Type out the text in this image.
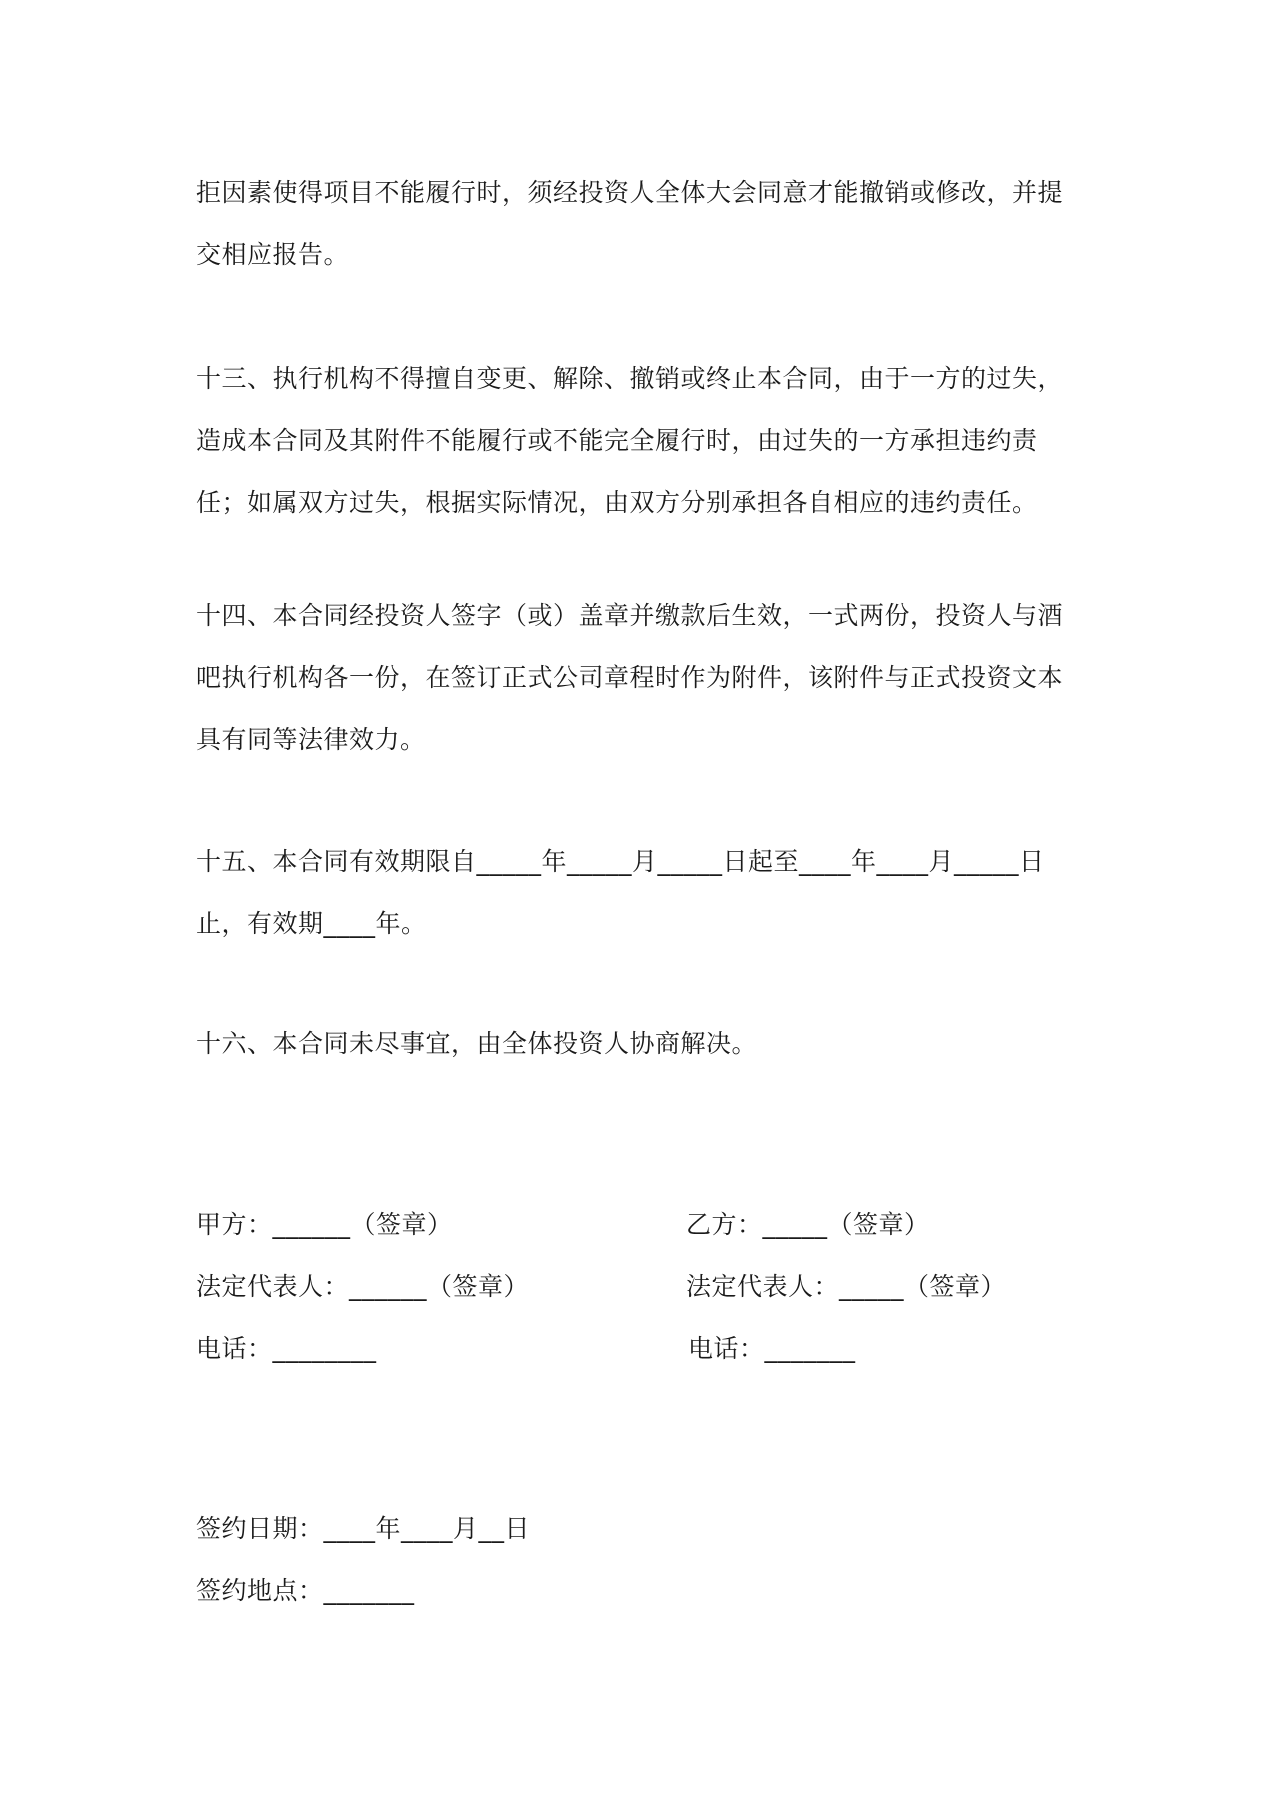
拒因素使得项目不能履行时，须经投资人全体大会同意才能撤销或修改，并提
交相应报告。
十三、执行机构不得擅自变更、解除、撤销或终止本合同，由于一方的过失，
造成本合同及其附件不能履行或不能完全履行时，由过失的一方承担违约责
任；如属双方过失，根据实际情况，由双方分别承担各自相应的违约责任。
十四、本合同经投资人签字（或）盖章并缴款后生效，一式两份，投资人与酒
吧执行机构各一份，在签订正式公司章程时作为附件，该附件与正式投资文本
具有同等法律效力。
十五、本合同有效期限自_____年_____月_____日起至____年____月_____日
止，有效期____年。
十六、本合同未尽事宜，由全体投资人协商解决。
甲方：______（签章）
法定代表人：______（签章）
电话：________
乙方：_____（签章）
法定代表人：_____（签章）
电话：_______
签约日期：____年____月__日
签约地点：_______
